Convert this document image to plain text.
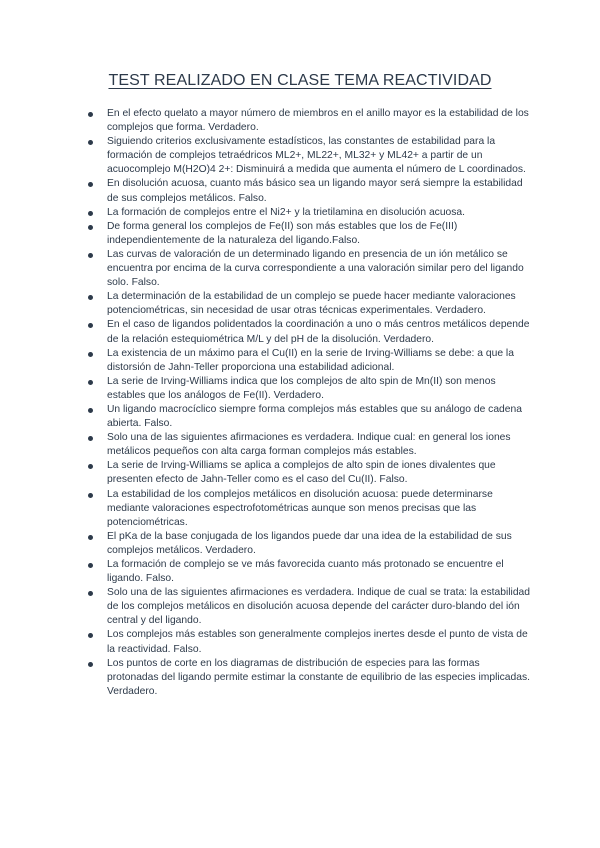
TEST REALIZADO EN CLASE TEMA REACTIVIDAD
En el efecto quelato a mayor número de miembros en el anillo mayor es la estabilidad de los complejos que forma. Verdadero.
Siguiendo criterios exclusivamente estadísticos, las constantes de estabilidad para la formación de complejos tetraédricos ML2+, ML22+, ML32+ y ML42+ a partir de un acuocomplejo M(H2O)4 2+: Disminuirá a medida que aumenta el número de L coordinados.
En disolución acuosa, cuanto más básico sea un ligando mayor será siempre la estabilidad de sus complejos metálicos. Falso.
La formación de complejos entre el Ni2+ y la trietilamina en disolución acuosa.
De forma general los complejos de Fe(II) son más estables que los de Fe(III) independientemente de la naturaleza del ligando.Falso.
Las curvas de valoración de un determinado ligando en presencia de un ión metálico se encuentra por encima de la curva correspondiente a una valoración similar pero del ligando solo. Falso.
La determinación de la estabilidad de un complejo se puede hacer mediante valoraciones potenciométricas, sin necesidad de usar otras técnicas experimentales. Verdadero.
En el caso de ligandos polidentados la coordinación a uno o más centros metálicos depende de la relación estequiométrica M/L y del pH de la disolución. Verdadero.
La existencia de un máximo para el Cu(II) en la serie de Irving-Williams se debe: a que la distorsión de Jahn-Teller proporciona una estabilidad adicional.
La serie de Irving-Williams indica que los complejos de alto spin de Mn(II) son menos estables que los análogos de Fe(II). Verdadero.
Un ligando macrocíclico siempre forma complejos más estables que su análogo de cadena abierta. Falso.
Solo una de las siguientes afirmaciones es verdadera. Indique cual: en general los iones metálicos pequeños con alta carga forman complejos más estables.
La serie de Irving-Williams se aplica a complejos de alto spin de iones divalentes que presenten efecto de Jahn-Teller como es el caso del Cu(II). Falso.
La estabilidad de los complejos metálicos en disolución acuosa: puede determinarse mediante valoraciones espectrofotométricas aunque son menos precisas que las potenciométricas.
El pKa de la base conjugada de los ligandos puede dar una idea de la estabilidad de sus complejos metálicos. Verdadero.
La formación de complejo se ve más favorecida cuanto más protonado se encuentre el ligando. Falso.
Solo una de las siguientes afirmaciones es verdadera. Indique de cual se trata: la estabilidad de los complejos metálicos en disolución acuosa depende del carácter duro-blando del ión central y del ligando.
Los complejos más estables son generalmente complejos inertes desde el punto de vista de la reactividad. Falso.
Los puntos de corte en los diagramas de distribución de especies para las formas protonadas del ligando permite estimar la constante de equilibrio de las especies implicadas. Verdadero.
